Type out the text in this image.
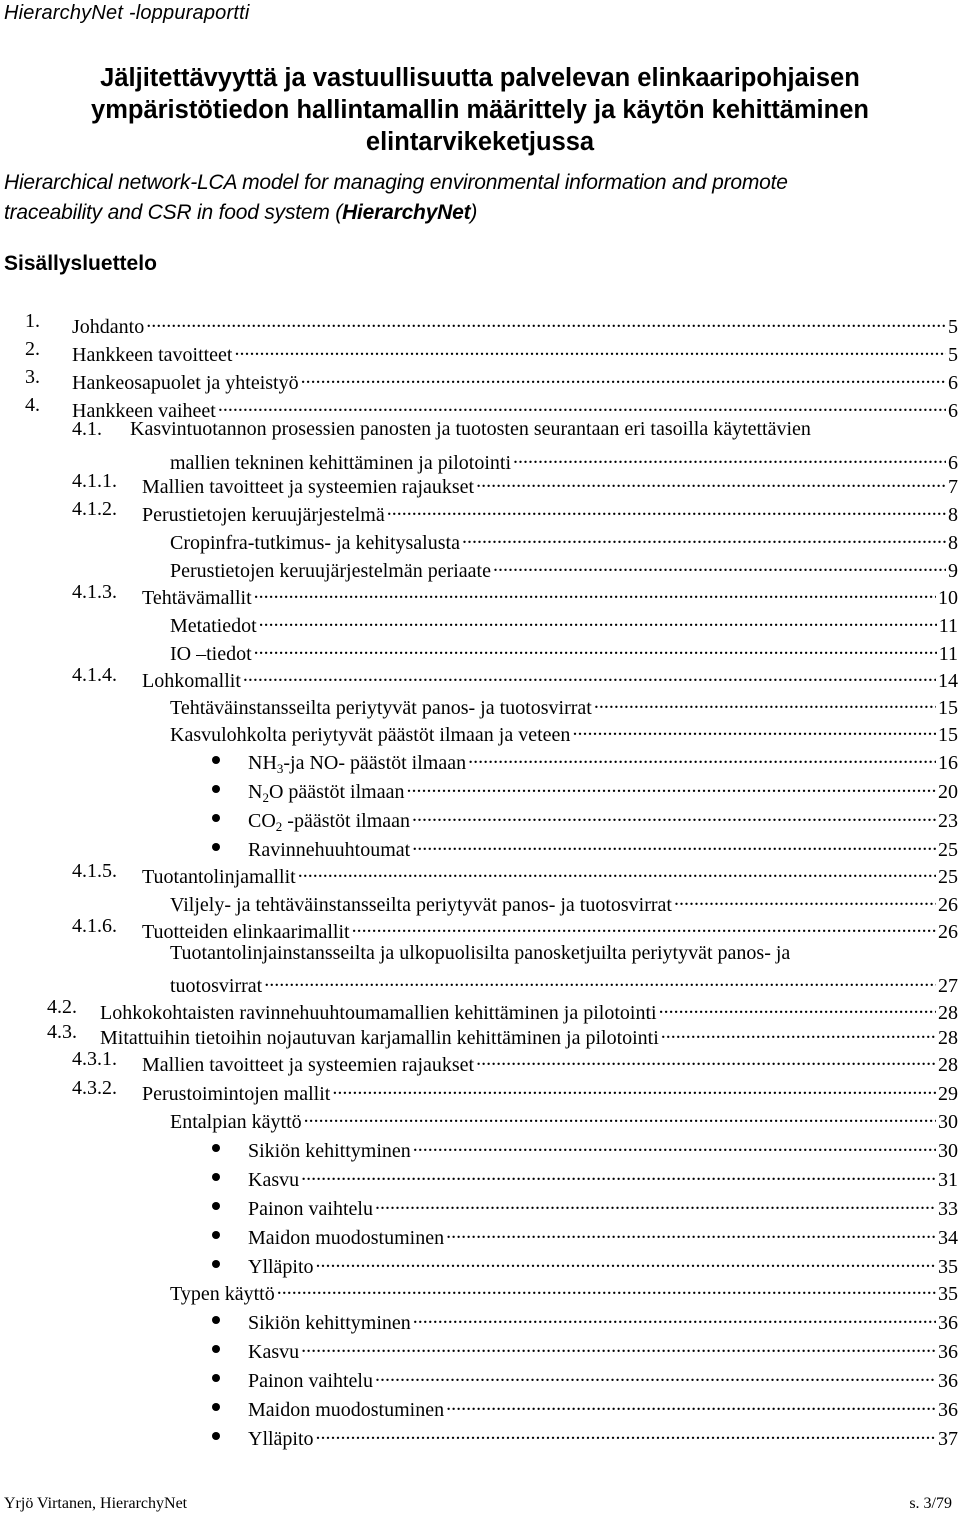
HierarchyNet -loppuraportti
Jäljitettävyyttä ja vastuullisuutta palvelevan elinkaaripohjaisen
ympäristötiedon hallintamallin määrittely ja käytön kehittäminen
elintarvikeketjussa
Hierarchical network-LCA model for managing environmental information and promote
traceability and CSR in food system (HierarchyNet)
Sisällysluettelo
1. Johdanto .....	5
2. Hankkeen tavoitteet .....	5
3. Hankeosapuolet ja yhteistyö .....	6
4. Hankkeen vaiheet .....	6
4.1. Kasvintuotannon prosessien panosten ja tuotosten seurantaan eri tasoilla käytettävien
mallien tekninen kehittäminen ja pilotointi .....	6
4.1.1. Mallien tavoitteet ja systeemien rajaukset .....	7
4.1.2. Perustietojen keruujärjestelmä .....	8
Cropinfra-tutkimus- ja kehitysalusta .....	8
Perustietojen keruujärjestelmän periaate .....	9
4.1.3. Tehtävämallit .....	10
Metatiedot .....	11
IO –tiedot .....	11
4.1.4. Lohkomallit .....	14
Tehtäväinstansseilta periytyvät panos- ja tuotosvirrat .....	15
Kasvulohkolta periytyvät päästöt ilmaan ja veteen .....	15
$NH_3-ja$ NO- päästöt ilmaan .....	16
$N_2O$ päästöt ilmaan .....	20
$CO_2$ -päästöt ilmaan .....	23
Ravinnehuuhtoumat .....	25
4.1.5. Tuotantolinjamallit .....	25
Viljely- ja tehtäväinstansseilta periytyvät panos- ja tuotosvirrat .....	26
4.1.6. Tuotteiden elinkaarimallit .....	26
Tuotantolinjainstansseilta ja ulkopuolisilta panosketjuilta periytyvät panos- ja
tuotosvirrat .....	27
4.2. Lohkokohtaisten ravinnehuuhtoumamallien kehittäminen ja pilotointi .....	28
4.3. Mitattuihin tietoihin nojautuvan karjamallin kehittäminen ja pilotointi .....	28
4.3.1. Mallien tavoitteet ja systeemien rajaukset .....	28
4.3.2. Perustoimintojen mallit .....	29
Entalpian käyttö .....	30
Sikiön kehittyminen .....	30
Kasvu .....	31
Painon vaihtelu .....	33
Maidon muodostuminen .....	34
Ylläpito .....	35
Typen käyttö .....	35
Sikiön kehittyminen .....	36
Kasvu .....	36
Painon vaihtelu .....	36
Maidon muodostuminen .....	36
Ylläpito .....	37
Yrjö Virtanen, HierarchyNet	s. 3/79
